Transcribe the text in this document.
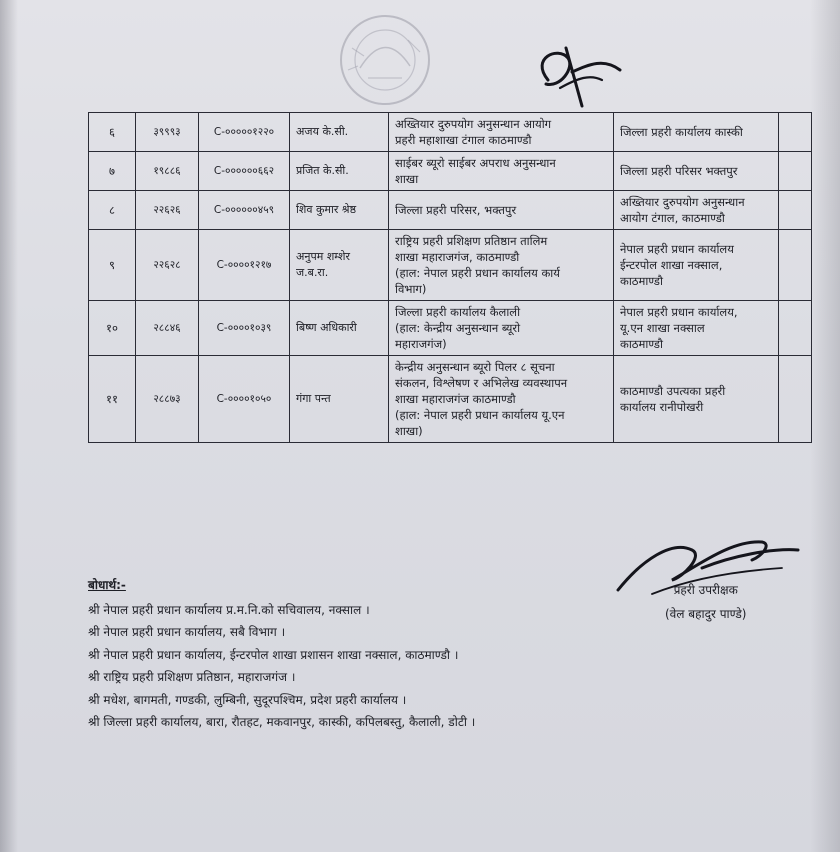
६	३९९९३	C-०००००१२२०	अजय के.सी.	अख्तियार दुरुपयोग अनुसन्धान आयोग
प्रहरी महाशाखा टंगाल काठमाण्डौ	जिल्ला प्रहरी कार्यालय कास्की	

७	१९८८६	C-००००००६६२	प्रजित के.सी.	साईबर ब्यूरो साईबर अपराध अनुसन्धान
शाखा	जिल्ला प्रहरी परिसर भक्तपुर	

८	२२६२६	C-००००००४५९	शिव कुमार श्रेष्ठ	जिल्ला प्रहरी परिसर, भक्तपुर	अख्तियार दुरुपयोग अनुसन्धान
आयोग टंगाल, काठमाण्डौ	

९	२२६२८	C-००००१२१७	अनुपम शम्शेर ज.ब.रा.	राष्ट्रिय प्रहरी प्रशिक्षण प्रतिष्ठान तालिम
शाखा महाराजगंज, काठमाण्डौ
(हाल: नेपाल प्रहरी प्रधान कार्यालय कार्य
विभाग)	नेपाल प्रहरी प्रधान कार्यालय
ईन्टरपोल शाखा नक्साल,
काठमाण्डौ	

१०	२८८४६	C-००००१०३९	बिष्ण अधिकारी	जिल्ला प्रहरी कार्यालय कैलाली
(हाल: केन्द्रीय अनुसन्धान ब्यूरो
महाराजगंज)	नेपाल प्रहरी प्रधान कार्यालय,
यू.एन शाखा नक्साल
काठमाण्डौ	

११	२८८७३	C-००००१०५०	गंगा पन्त	केन्द्रीय अनुसन्धान ब्यूरो पिलर ८ सूचना
संकलन, विश्लेषण र अभिलेख व्यवस्थापन
शाखा महाराजगंज काठमाण्डौ
(हाल: नेपाल प्रहरी प्रधान कार्यालय यू.एन
शाखा)	काठमाण्डौ उपत्यका प्रहरी
कार्यालय रानीपोखरी	

बोधार्थ:-
श्री नेपाल प्रहरी प्रधान कार्यालय प्र.म.नि.को सचिवालय, नक्साल ।
श्री नेपाल प्रहरी प्रधान कार्यालय, सबै विभाग ।
श्री नेपाल प्रहरी प्रधान कार्यालय, ईन्टरपोल शाखा प्रशासन शाखा नक्साल, काठमाण्डौ ।
श्री राष्ट्रिय प्रहरी प्रशिक्षण प्रतिष्ठान, महाराजगंज ।
श्री मधेश, बागमती, गण्डकी, लुम्बिनी, सुदूरपश्चिम, प्रदेश प्रहरी कार्यालय ।
श्री जिल्ला प्रहरी कार्यालय, बारा, रौतहट, मकवानपुर, कास्की, कपिलबस्तु, कैलाली, डोटी ।
प्रहरी उपरीक्षक
(वेल बहादुर पाण्डे)
